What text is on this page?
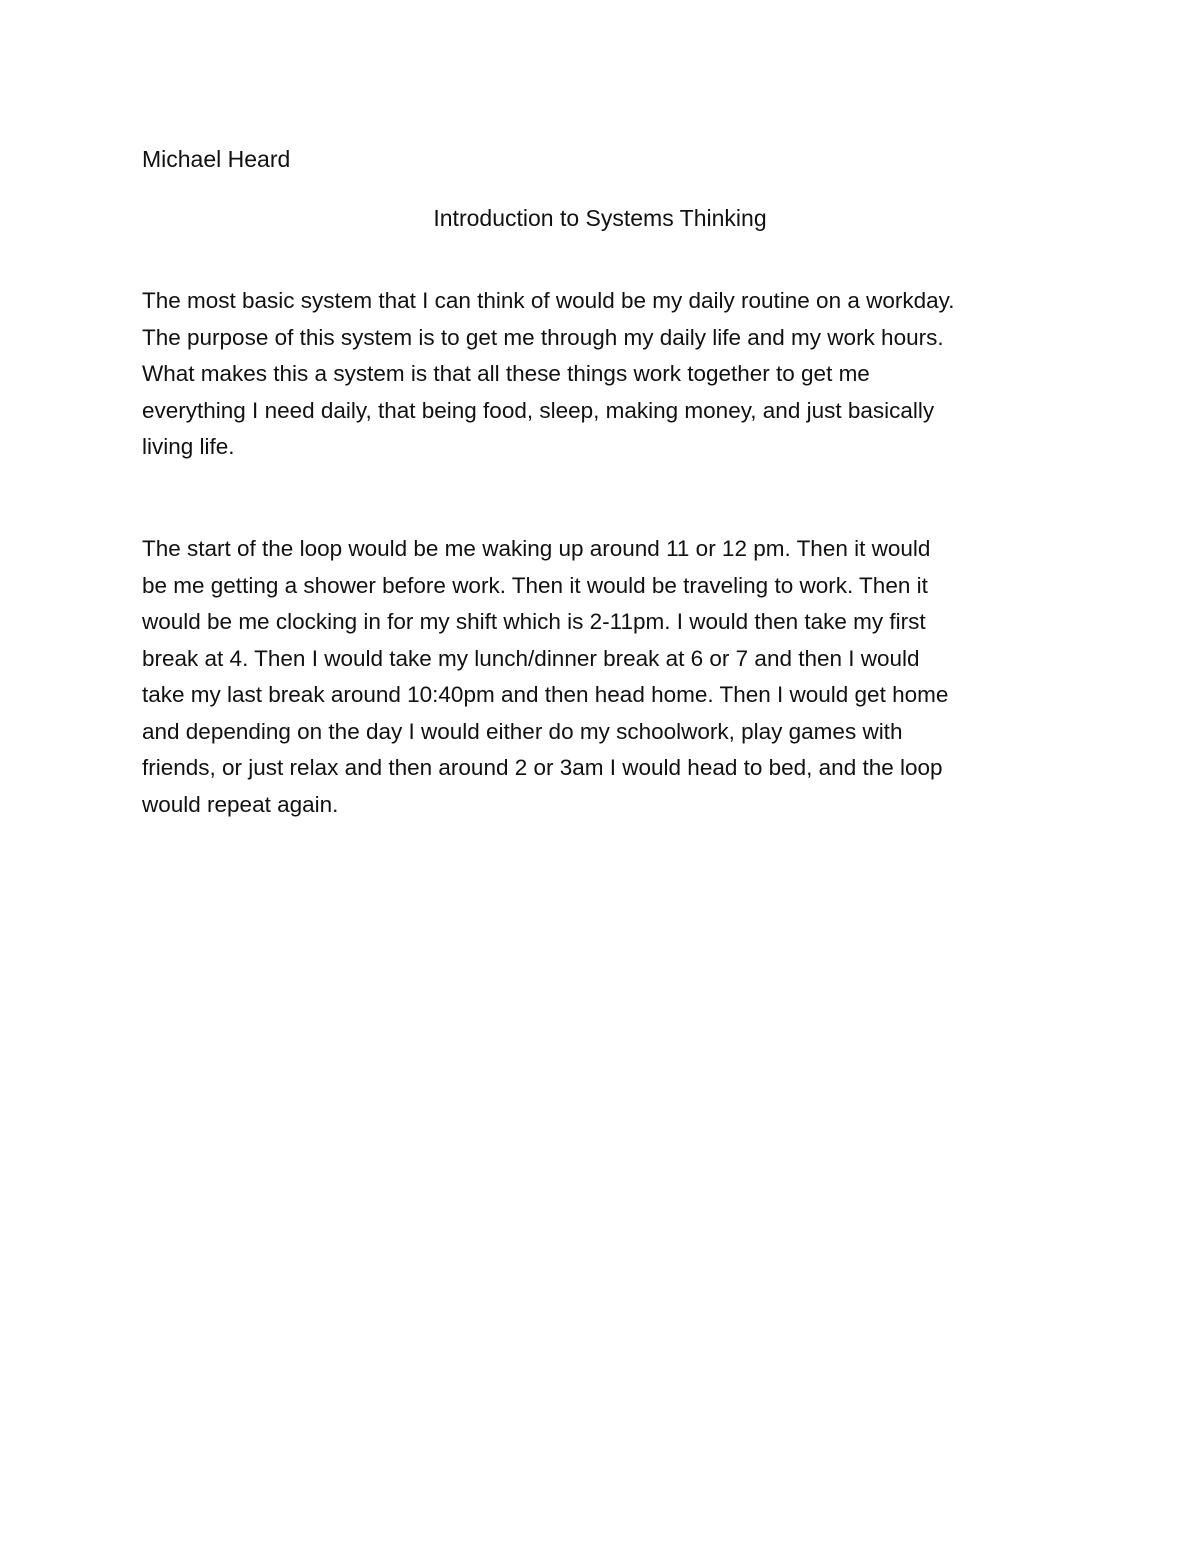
Michael Heard
Introduction to Systems Thinking

The most basic system that I can think of would be my daily routine on a workday.
The purpose of this system is to get me through my daily life and my work hours.
What makes this a system is that all these things work together to get me
everything I need daily, that being food, sleep, making money, and just basically
living life.

The start of the loop would be me waking up around 11 or 12 pm. Then it would
be me getting a shower before work. Then it would be traveling to work. Then it
would be me clocking in for my shift which is 2-11pm. I would then take my first
break at 4. Then I would take my lunch/dinner break at 6 or 7 and then I would
take my last break around 10:40pm and then head home. Then I would get home
and depending on the day I would either do my schoolwork, play games with
friends, or just relax and then around 2 or 3am I would head to bed, and the loop
would repeat again.
